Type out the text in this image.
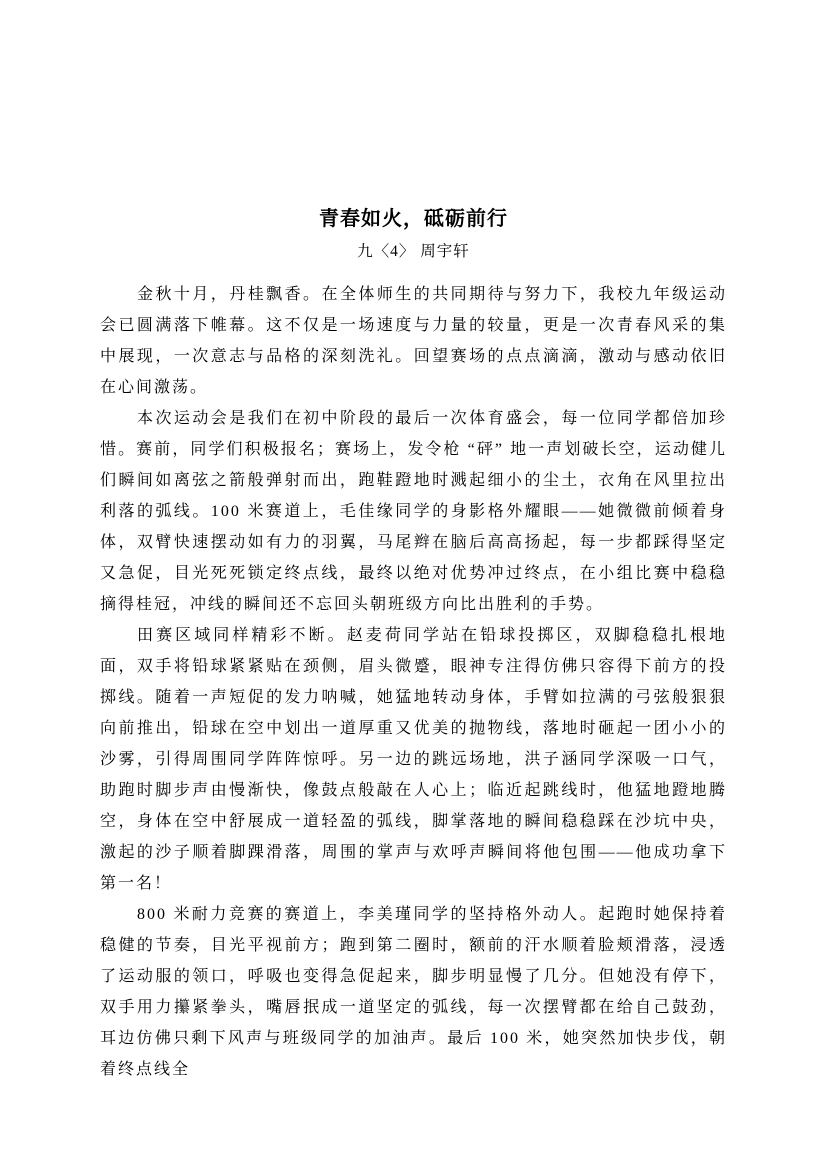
青春如火，砥砺前行
九〈4〉 周宇轩

金秋十月，丹桂飘香。在全体师生的共同期待与努力下，我校九年级运动会已圆满落下帷幕。这不仅是一场速度与力量的较量，更是一次青春风采的集中展现，一次意志与品格的深刻洗礼。回望赛场的点点滴滴，激动与感动依旧在心间激荡。

本次运动会是我们在初中阶段的最后一次体育盛会，每一位同学都倍加珍惜。赛前，同学们积极报名；赛场上，发令枪 “砰” 地一声划破长空，运动健儿们瞬间如离弦之箭般弹射而出，跑鞋蹬地时溅起细小的尘土，衣角在风里拉出利落的弧线。100 米赛道上，毛佳缘同学的身影格外耀眼——她微微前倾着身体，双臂快速摆动如有力的羽翼，马尾辫在脑后高高扬起，每一步都踩得坚定又急促，目光死死锁定终点线，最终以绝对优势冲过终点，在小组比赛中稳稳摘得桂冠，冲线的瞬间还不忘回头朝班级方向比出胜利的手势。

田赛区域同样精彩不断。赵麦荷同学站在铅球投掷区，双脚稳稳扎根地面，双手将铅球紧紧贴在颈侧，眉头微蹙，眼神专注得仿佛只容得下前方的投掷线。随着一声短促的发力呐喊，她猛地转动身体，手臂如拉满的弓弦般狠狠向前推出，铅球在空中划出一道厚重又优美的抛物线，落地时砸起一团小小的沙雾，引得周围同学阵阵惊呼。另一边的跳远场地，洪子涵同学深吸一口气，助跑时脚步声由慢渐快，像鼓点般敲在人心上；临近起跳线时，他猛地蹬地腾空，身体在空中舒展成一道轻盈的弧线，脚掌落地的瞬间稳稳踩在沙坑中央，激起的沙子顺着脚踝滑落，周围的掌声与欢呼声瞬间将他包围——他成功拿下第一名！

800 米耐力竞赛的赛道上，李美瑾同学的坚持格外动人。起跑时她保持着稳健的节奏，目光平视前方；跑到第二圈时，额前的汗水顺着脸颊滑落，浸透了运动服的领口，呼吸也变得急促起来，脚步明显慢了几分。但她没有停下，双手用力攥紧拳头，嘴唇抿成一道坚定的弧线，每一次摆臂都在给自己鼓劲，耳边仿佛只剩下风声与班级同学的加油声。最后 100 米，她突然加快步伐，朝着终点线全
